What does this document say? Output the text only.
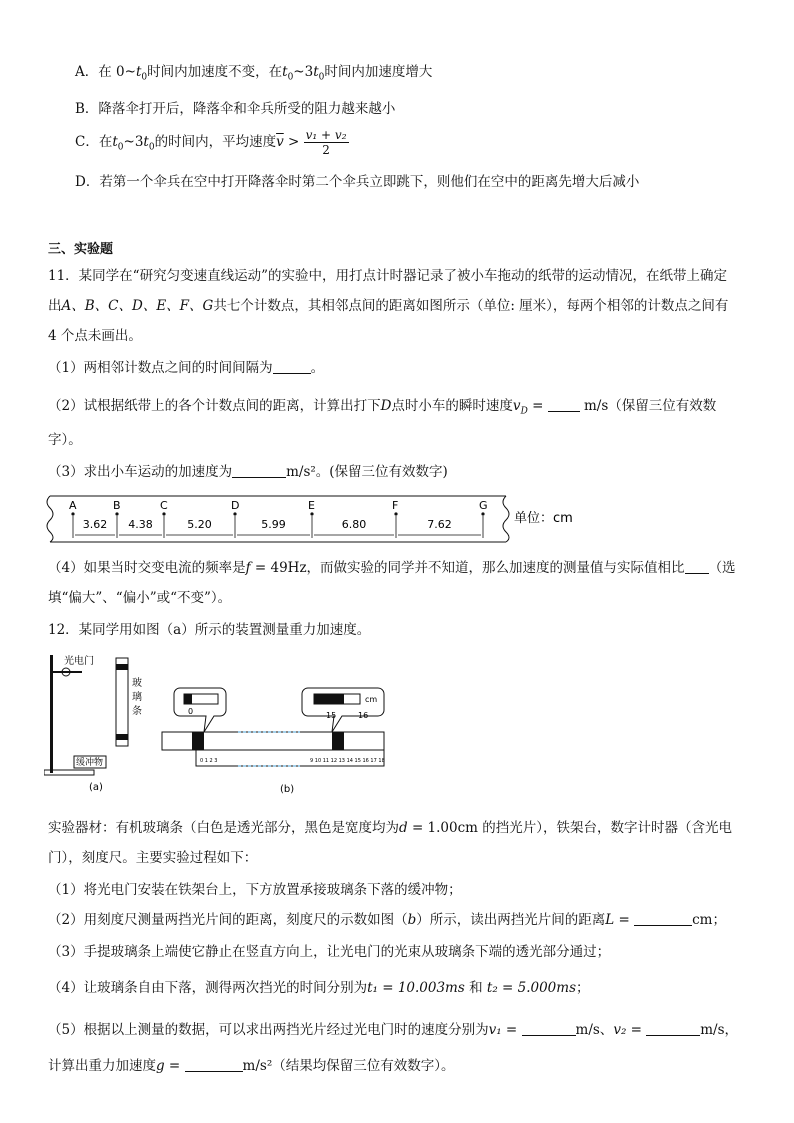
A．在 $0\sim t_0$时间内加速度不变，在$t_0\sim 3t_0$时间内加速度增大
B．降落伞打开后，降落伞和伞兵所受的阻力越来越小
C．在$t_0\sim 3t_0$的时间内，平均速度$\overline{v} > \frac{\text{v₁ + v₂}}{2}$
D．若第一个伞兵在空中打开降落伞时第二个伞兵立即跳下，则他们在空中的距离先增大后减小
三、实验题
11．某同学在“研究匀变速直线运动”的实验中，用打点计时器记录了被小车拖动的纸带的运动情况，在纸带上确定
出A、B、C、D、E、F、G共七个计数点，其相邻点间的距离如图所示（单位: 厘米），每两个相邻的计数点之间有
4 个点未画出。
（1）两相邻计数点之间的时间间隔为	。
（2）试根据纸带上的各个计数点间的距离，计算出打下D点时小车的瞬时速度$v_D = m/s$（保留三位有效数
字）。
（3）求出小车运动的加速度为	m/s²。(保留三位有效数字)
A	B	C	D	E	F	G
3.62 4.38	5.20	5.99	6.80	7.62	单位：cm
（4）如果当时交变电流的频率是f = 49Hz，而做实验的同学并不知道，那么加速度的测量值与实际值相比 （选
填“偏大”、“偏小”或“不变”）。
12．某同学用如图（a）所示的装置测量重力加速度。
光电门
玻
璃
条
缓冲物
(a)
0
cm
15	16
0 1 2 3	9 10 11 12 13 14 15 16 17 18
(b)
实验器材：有机玻璃条（白色是透光部分，黑色是宽度均为d = 1.00cm 的挡光片），铁架台，数字计时器（含光电
门），刻度尺。主要实验过程如下：
（1）将光电门安装在铁架台上，下方放置承接玻璃条下落的缓冲物；
（2）用刻度尺测量两挡光片间的距离，刻度尺的示数如图（b）所示，读出两挡光片间的距离L =	cm；
（3）手提玻璃条上端使它静止在竖直方向上，让光电门的光束从玻璃条下端的透光部分通过；
（4）让玻璃条自由下落，测得两次挡光的时间分别为t₁ = 10.003ms 和 t₂ = 5.000ms；
（5）根据以上测量的数据，可以求出两挡光片经过光电门时的速度分别为v₁ =	m/s、v₂ =	m/s，
计算出重力加速度g =	m/s²（结果均保留三位有效数字）。
